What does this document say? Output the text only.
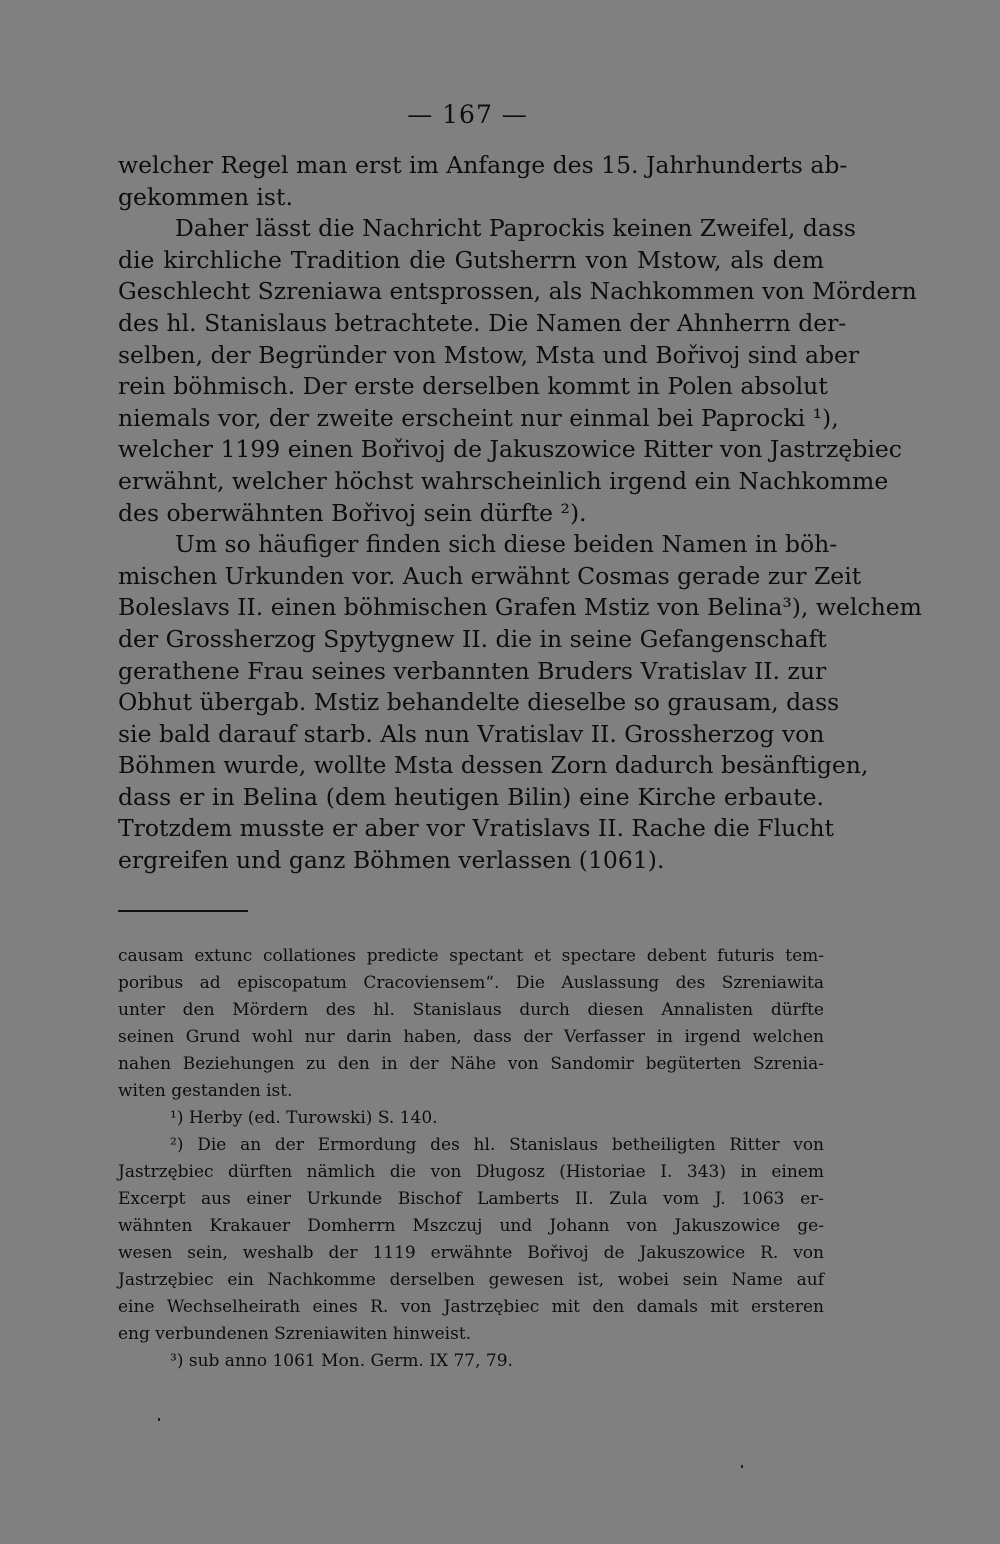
— 167 —
welcher Regel man erst im Anfange des 15. Jahrhunderts ab-
gekommen ist.
Daher lässt die Nachricht Paprockis keinen Zweifel, dass
die kirchliche Tradition die Gutsherrn von Mstow, als dem
Geschlecht Szreniawa entsprossen, als Nachkommen von Mördern
des hl. Stanislaus betrachtete. Die Namen der Ahnherrn der-
selben, der Begründer von Mstow, Msta und Bořivoj sind aber
rein böhmisch. Der erste derselben kommt in Polen absolut
niemals vor, der zweite erscheint nur einmal bei Paprocki ¹),
welcher 1199 einen Bořivoj de Jakuszowice Ritter von Jastrzębiec
erwähnt, welcher höchst wahrscheinlich irgend ein Nachkomme
des oberwähnten Bořivoj sein dürfte ²).
Um so häufiger finden sich diese beiden Namen in böh-
mischen Urkunden vor. Auch erwähnt Cosmas gerade zur Zeit
Boleslavs II. einen böhmischen Grafen Mstiz von Belina³), welchem
der Grossherzog Spytygnew II. die in seine Gefangenschaft
gerathene Frau seines verbannten Bruders Vratislav II. zur
Obhut übergab. Mstiz behandelte dieselbe so grausam, dass
sie bald darauf starb. Als nun Vratislav II. Grossherzog von
Böhmen wurde, wollte Msta dessen Zorn dadurch besänftigen,
dass er in Belina (dem heutigen Bilin) eine Kirche erbaute.
Trotzdem musste er aber vor Vratislavs II. Rache die Flucht
ergreifen und ganz Böhmen verlassen (1061).
causam extunc collationes predicte spectant et spectare debent futuris tem-
poribus ad episcopatum Cracoviensem“. Die Auslassung des Szreniawita
unter den Mördern des hl. Stanislaus durch diesen Annalisten dürfte
seinen Grund wohl nur darin haben, dass der Verfasser in irgend welchen
nahen Beziehungen zu den in der Nähe von Sandomir begüterten Szrenia-
witen gestanden ist.
¹) Herby (ed. Turowski) S. 140.
²) Die an der Ermordung des hl. Stanislaus betheiligten Ritter von
Jastrzębiec dürften nämlich die von Długosz (Historiae I. 343) in einem
Excerpt aus einer Urkunde Bischof Lamberts II. Zula vom J. 1063 er-
wähnten Krakauer Domherrn Mszczuj und Johann von Jakuszowice ge-
wesen sein, weshalb der 1119 erwähnte Bořivoj de Jakuszowice R. von
Jastrzębiec ein Nachkomme derselben gewesen ist, wobei sein Name auf
eine Wechselheirath eines R. von Jastrzębiec mit den damals mit ersteren
eng verbundenen Szreniawiten hinweist.
³) sub anno 1061 Mon. Germ. IX 77, 79.
